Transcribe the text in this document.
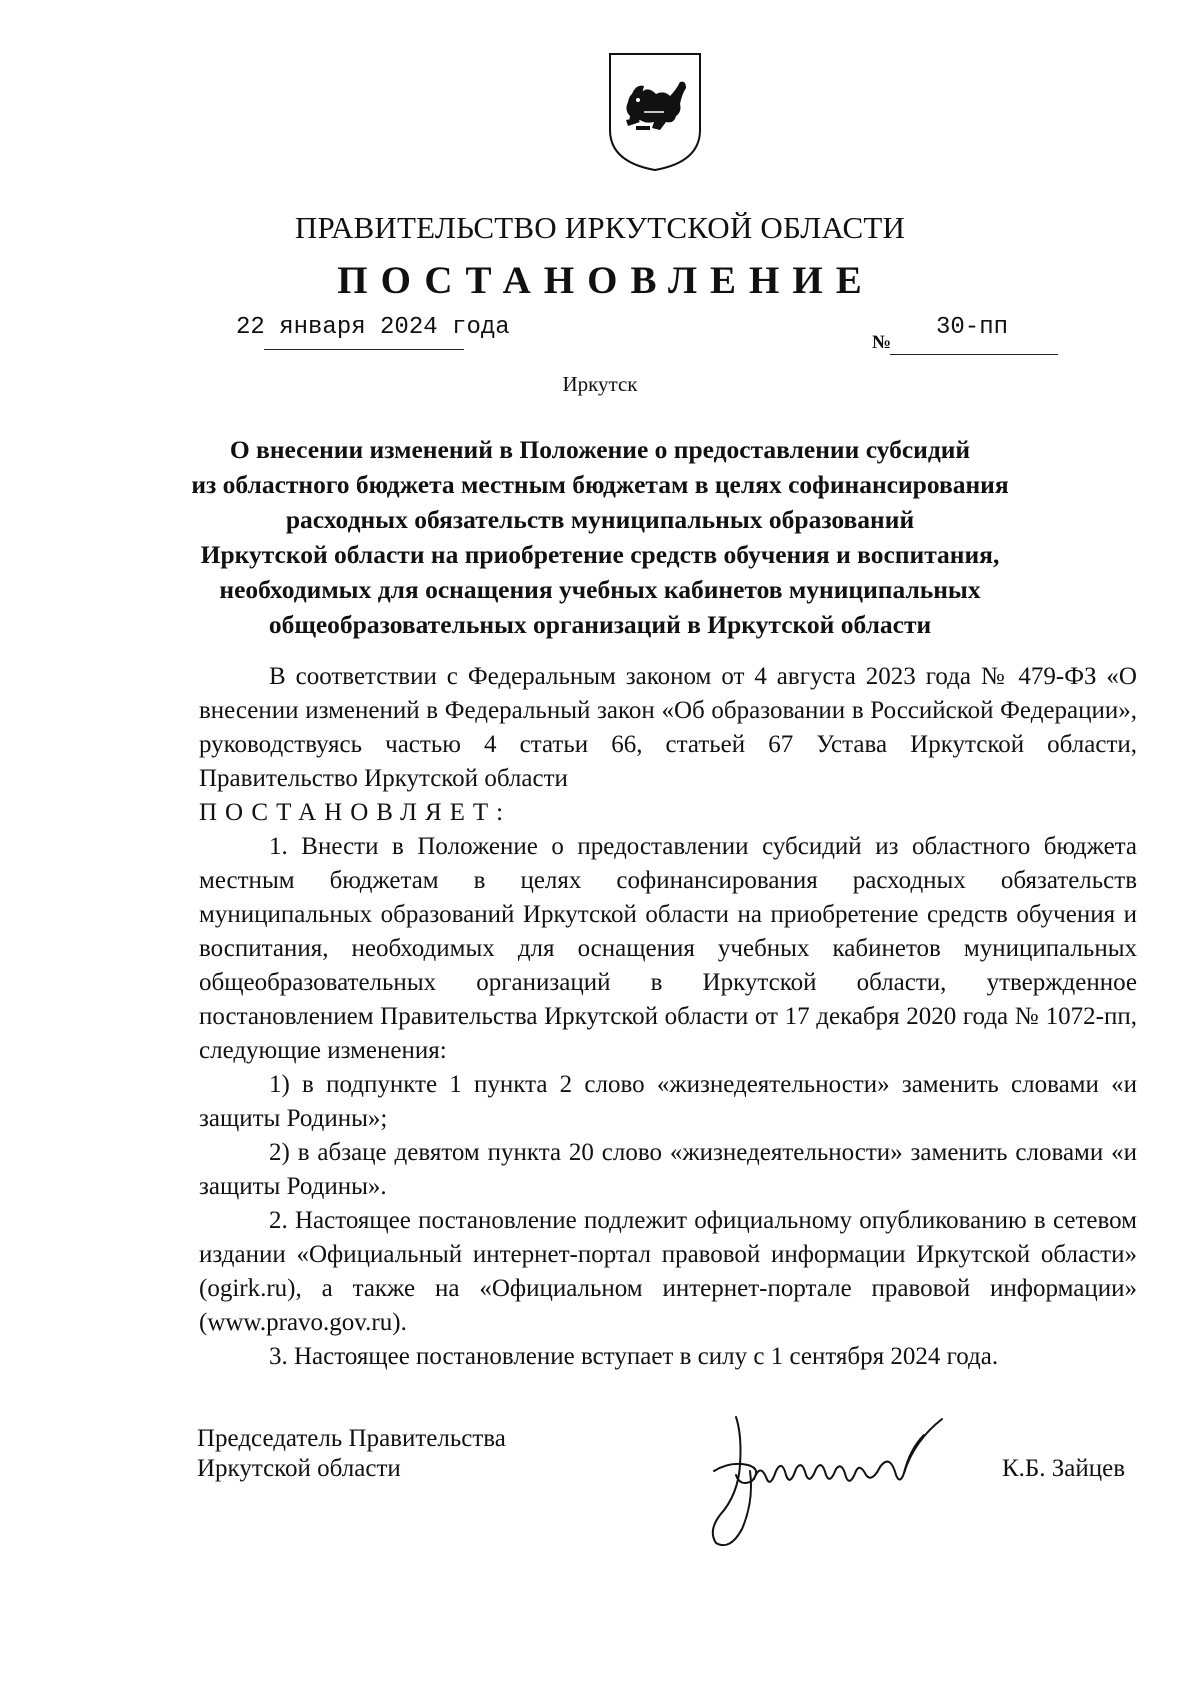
ПРАВИТЕЛЬСТВО ИРКУТСКОЙ ОБЛАСТИ
ПОСТАНОВЛЕНИЕ
22 января 2024 года
№
30-пп
Иркутск
О внесении изменений в Положение о предоставлении субсидий
из областного бюджета местным бюджетам в целях софинансирования
расходных обязательств муниципальных образований
Иркутской области на приобретение средств обучения и воспитания,
необходимых для оснащения учебных кабинетов муниципальных
общеобразовательных организаций в Иркутской области

В соответствии с Федеральным законом от 4 августа 2023 года № 479-ФЗ «О внесении изменений в Федеральный закон «Об образовании в Российской Федерации», руководствуясь частью 4 статьи 66, статьей 67 Устава Иркутской области, Правительство Иркутской области

ПОСТАНОВЛЯЕТ:

1. Внести в Положение о предоставлении субсидий из областного бюджета местным бюджетам в целях софинансирования расходных обязательств муниципальных образований Иркутской области на приобретение средств обучения и воспитания, необходимых для оснащения учебных кабинетов муниципальных общеобразовательных организаций в Иркутской области, утвержденное постановлением Правительства Иркутской области от 17 декабря 2020 года № 1072-пп, следующие изменения:

1) в подпункте 1 пункта 2 слово «жизнедеятельности» заменить словами «и защиты Родины»;

2) в абзаце девятом пункта 20 слово «жизнедеятельности» заменить словами «и защиты Родины».

2. Настоящее постановление подлежит официальному опубликованию в сетевом издании «Официальный интернет-портал правовой информации Иркутской области» (ogirk.ru), а также на «Официальном интернет-портале правовой информации» (www.pravo.gov.ru).

3. Настоящее постановление вступает в силу с 1 сентября 2024 года.

Председатель Правительства
Иркутской области	К.Б. Зайцев
